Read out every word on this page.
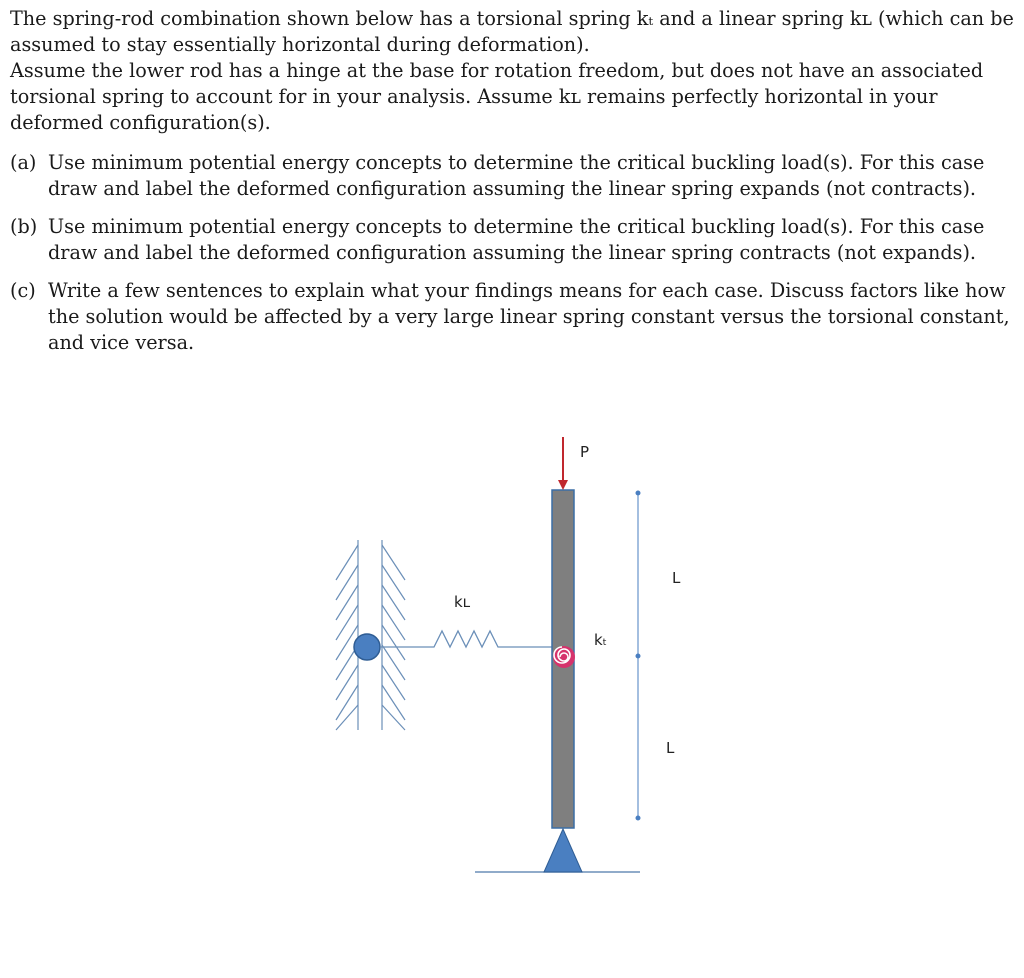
The spring-rod combination shown below has a torsional spring kₜ and a linear spring kʟ (which can be assumed to stay essentially horizontal during deformation).

Assume the lower rod has a hinge at the base for rotation freedom, but does not have an associated torsional spring to account for in your analysis. Assume kʟ remains perfectly horizontal in your deformed configuration(s).

(a) Use minimum potential energy concepts to determine the critical buckling load(s). For this case draw and label the deformed configuration assuming the linear spring expands (not contracts).
(b) Use minimum potential energy concepts to determine the critical buckling load(s). For this case draw and label the deformed configuration assuming the linear spring contracts (not expands).
(c) Write a few sentences to explain what your findings means for each case. Discuss factors like how the solution would be affected by a very large linear spring constant versus the torsional constant, and vice versa.
kʟ
P
kₜ
L
L
